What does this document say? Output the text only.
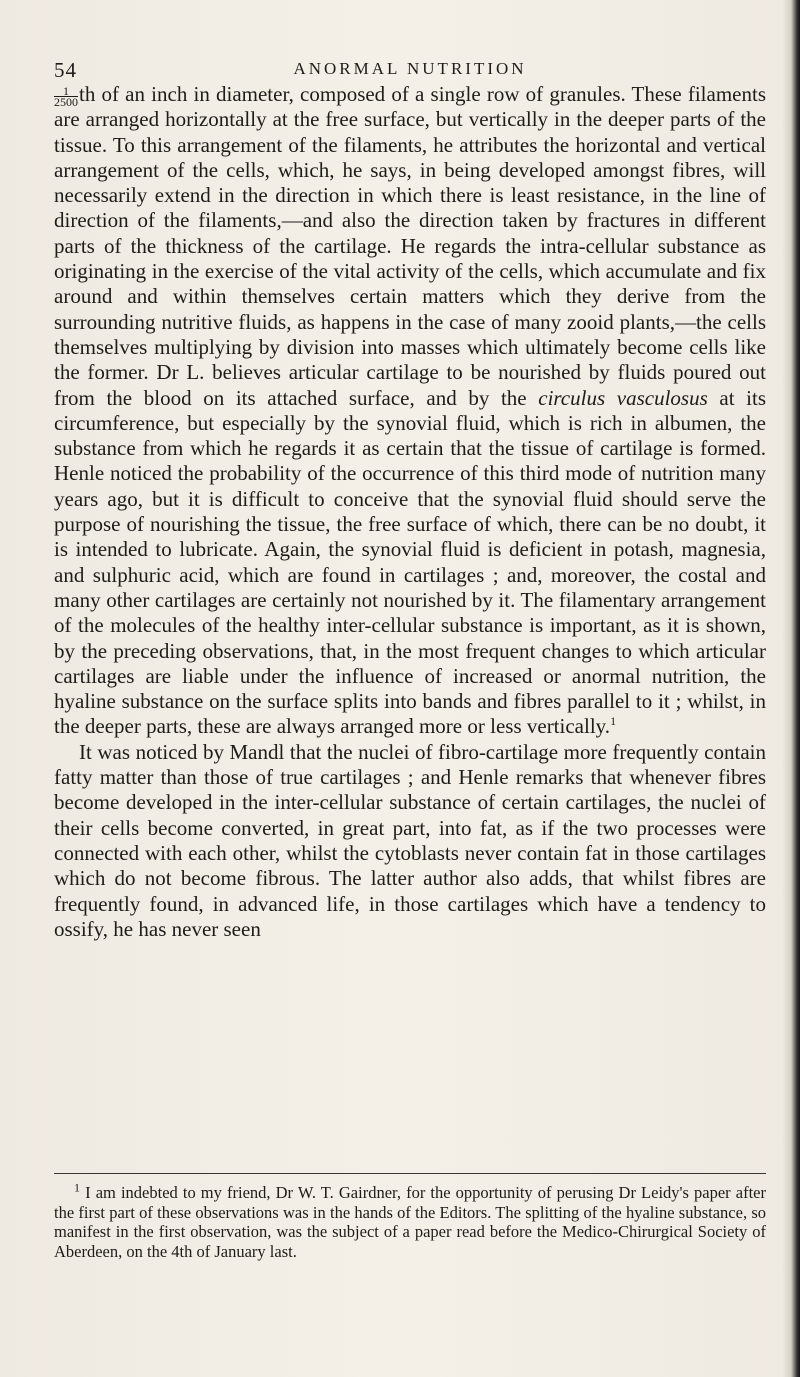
54	ANORMAL NUTRITION

$\frac{1}{2500}$ th of an inch in diameter, composed of a single row of granules. These filaments are arranged horizontally at the free surface, but vertically in the deeper parts of the tissue. To this arrangement of the filaments, he attributes the horizontal and vertical arrangement of the cells, which, he says, in being developed amongst fibres, will necessarily extend in the direction in which there is least resistance, in the line of direction of the filaments,—and also the direction taken by fractures in different parts of the thickness of the cartilage. He regards the intra-cellular substance as originating in the exercise of the vital activity of the cells, which accumulate and fix around and within themselves certain matters which they derive from the surrounding nutritive fluids, as happens in the case of many zooid plants,—the cells themselves multiplying by division into masses which ultimately become cells like the former. Dr L. believes articular cartilage to be nourished by fluids poured out from the blood on its attached surface, and by the circulus vasculosus at its circumference, but especially by the synovial fluid, which is rich in albumen, the substance from which he regards it as certain that the tissue of cartilage is formed. Henle noticed the probability of the occurrence of this third mode of nutrition many years ago, but it is difficult to conceive that the synovial fluid should serve the purpose of nourishing the tissue, the free surface of which, there can be no doubt, it is intended to lubricate. Again, the synovial fluid is deficient in potash, magnesia, and sulphuric acid, which are found in cartilages ; and, moreover, the costal and many other cartilages are certainly not nourished by it. The filamentary arrangement of the molecules of the healthy inter-cellular substance is important, as it is shown, by the preceding observations, that, in the most frequent changes to which articular cartilages are liable under the influence of increased or anormal nutrition, the hyaline substance on the surface splits into bands and fibres parallel to it ; whilst, in the deeper parts, these are always arranged more or less vertically.$^1$

It was noticed by Mandl that the nuclei of fibro-cartilage more frequently contain fatty matter than those of true cartilages ; and Henle remarks that whenever fibres become developed in the inter-cellular substance of certain cartilages, the nuclei of their cells become converted, in great part, into fat, as if the two processes were connected with each other, whilst the cytoblasts never contain fat in those cartilages which do not become fibrous. The latter author also adds, that whilst fibres are frequently found, in advanced life, in those cartilages which have a tendency to ossify, he has never seen

$^1$ I am indebted to my friend, Dr W. T. Gairdner, for the opportunity of perusing Dr Leidy's paper after the first part of these observations was in the hands of the Editors. The splitting of the hyaline substance, so manifest in the first observation, was the subject of a paper read before the Medico-Chirurgical Society of Aberdeen, on the 4th of January last.
